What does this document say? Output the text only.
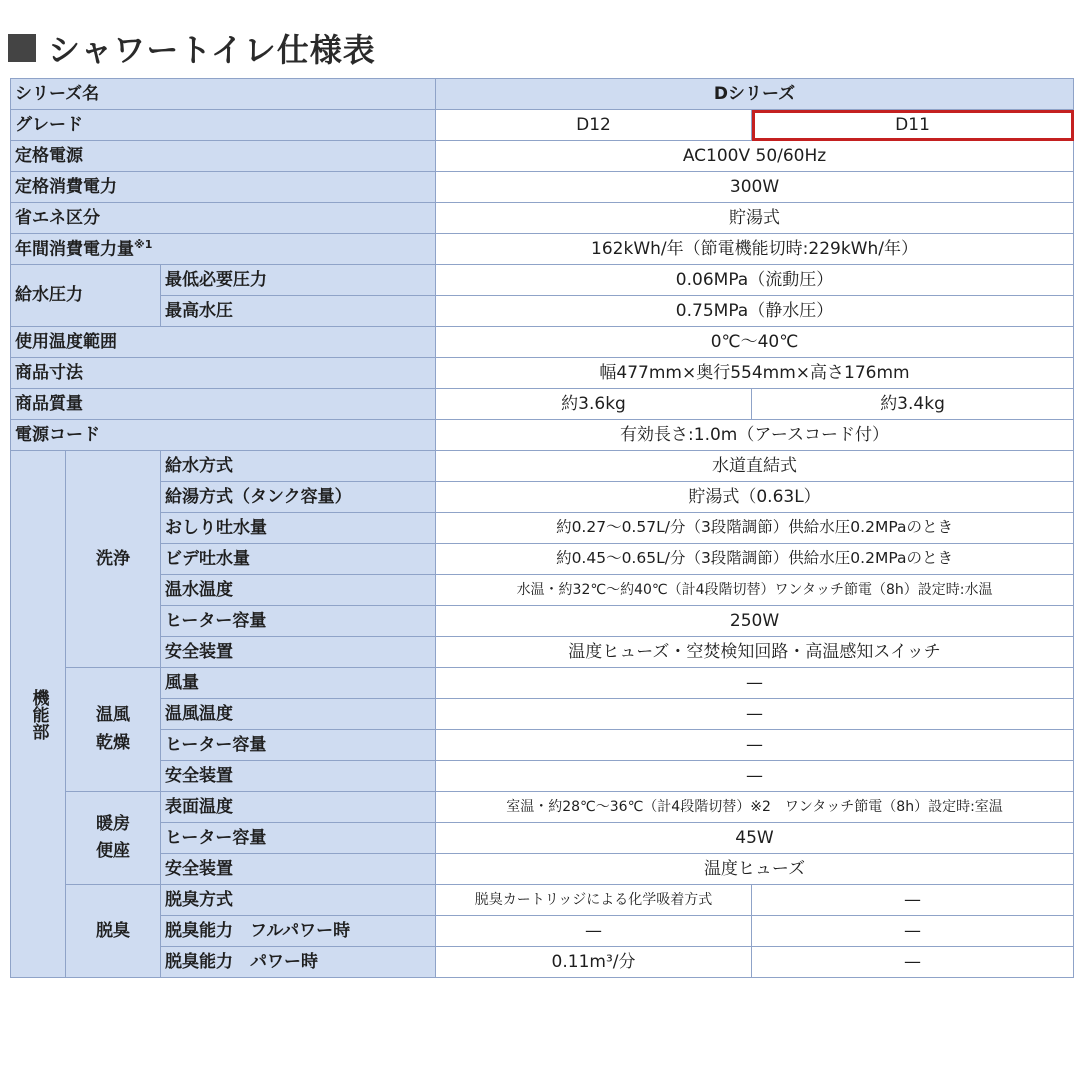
シャワートイレ仕様表
シリーズ名			Dシリーズ	
グレード			D12	D11
定格電源			AC100V 50/60Hz	
定格消費電力			300W	
省エネ区分			貯湯式	
年間消費電力量$^{※1}$			162kWh/年（節電機能切時:229kWh/年）	
給水圧力		最低必要圧力	0.06MPa（流動圧）	
		最高水圧	0.75MPa（静水圧）	
使用温度範囲			0℃〜40℃	
商品寸法			幅477mm×奥行554mm×高さ176mm	
商品質量			約3.6kg	約3.4kg
電源コード			有効長さ:1.0m（アースコード付）	
機能部	洗浄	給水方式	水道直結式	
		給湯方式（タンク容量）	貯湯式（0.63L）	
		おしり吐水量	約0.27〜0.57L/分（3段階調節）供給水圧0.2MPaのとき	
		ビデ吐水量	約0.45〜0.65L/分（3段階調節）供給水圧0.2MPaのとき	
		温水温度	水温・約32℃〜約40℃（計4段階切替）ワンタッチ節電（8h）設定時:水温	
		ヒーター容量	250W	
		安全装置	温度ヒューズ・空焚検知回路・高温感知スイッチ	
	温風乾燥	風量	—	
		温風温度	—	
		ヒーター容量	—	
		安全装置	—	
	暖房便座	表面温度	室温・約28℃〜36℃（計4段階切替）※2　ワンタッチ節電（8h）設定時:室温	
		ヒーター容量	45W	
		安全装置	温度ヒューズ	
	脱臭	脱臭方式	脱臭カートリッジによる化学吸着方式	—
		脱臭能力　フルパワー時	—	—
		脱臭能力　パワー時	0.11m³/分	—
